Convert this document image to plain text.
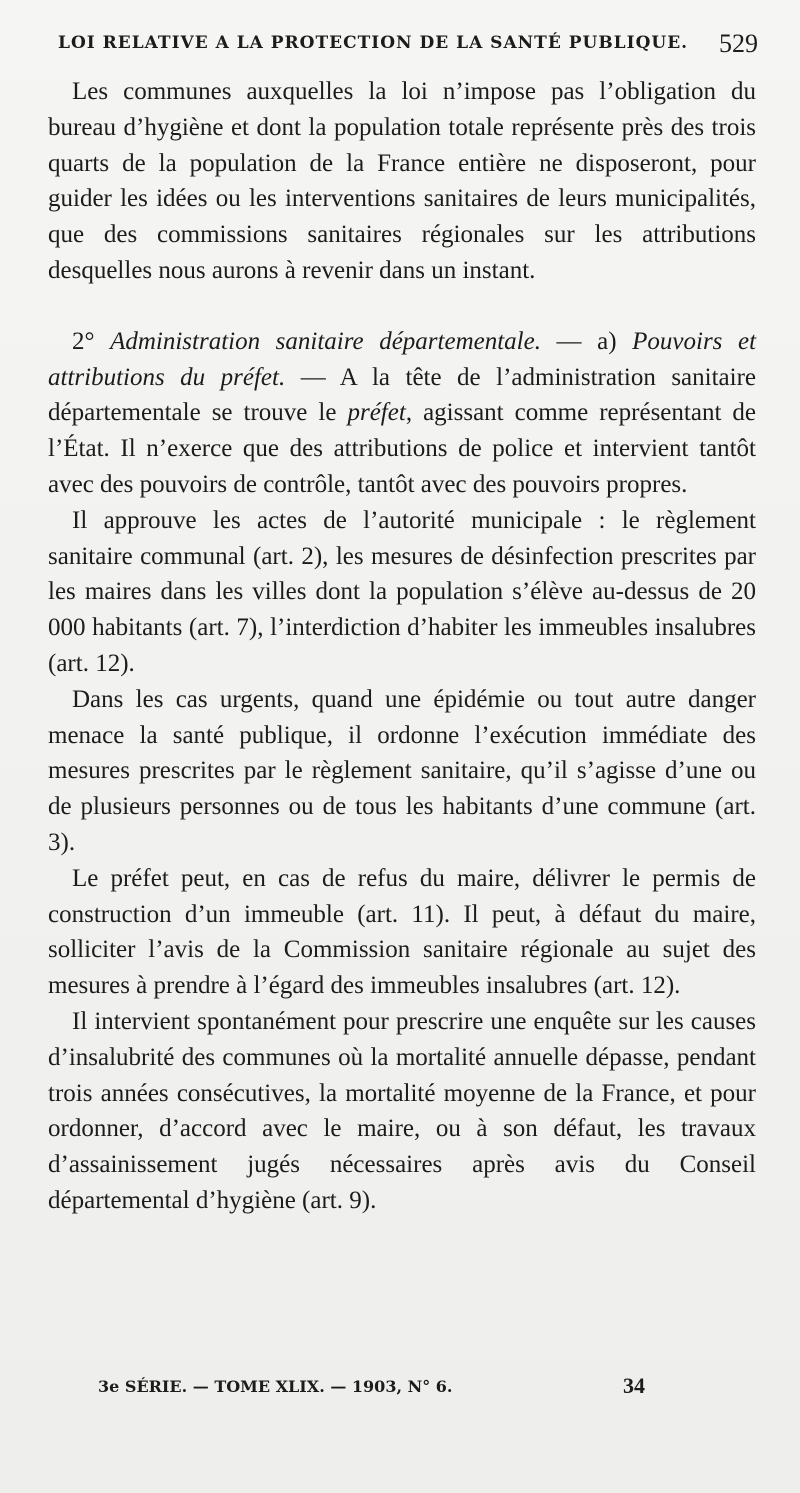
LOI RELATIVE A LA PROTECTION DE LA SANTÉ PUBLIQUE. 529

Les communes auxquelles la loi n’impose pas l’obligation du bureau d’hygiène et dont la population totale représente près des trois quarts de la population de la France entière ne disposeront, pour guider les idées ou les interventions sanitaires de leurs municipalités, que des commissions sanitaires régionales sur les attributions desquelles nous aurons à revenir dans un instant.

2° Administration sanitaire départementale. — a) Pouvoirs et attributions du préfet. — A la tête de l’administration sanitaire départementale se trouve le préfet, agissant comme représentant de l’État. Il n’exerce que des attributions de police et intervient tantôt avec des pouvoirs de contrôle, tantôt avec des pouvoirs propres.

Il approuve les actes de l’autorité municipale : le règlement sanitaire communal (art. 2), les mesures de désinfection prescrites par les maires dans les villes dont la population s’élève au-dessus de 20 000 habitants (art. 7), l’interdiction d’habiter les immeubles insalubres (art. 12).

Dans les cas urgents, quand une épidémie ou tout autre danger menace la santé publique, il ordonne l’exécution immédiate des mesures prescrites par le règlement sanitaire, qu’il s’agisse d’une ou de plusieurs personnes ou de tous les habitants d’une commune (art. 3).

Le préfet peut, en cas de refus du maire, délivrer le permis de construction d’un immeuble (art. 11). Il peut, à défaut du maire, solliciter l’avis de la Commission sanitaire régionale au sujet des mesures à prendre à l’égard des immeubles insalubres (art. 12).

Il intervient spontanément pour prescrire une enquête sur les causes d’insalubrité des communes où la mortalité annuelle dépasse, pendant trois années consécutives, la mortalité moyenne de la France, et pour ordonner, d’accord avec le maire, ou à son défaut, les travaux d’assainissement jugés nécessaires après avis du Conseil départemental d’hygiène (art. 9).

3e SÉRIE. — TOME XLIX. — 1903, N° 6.	34
